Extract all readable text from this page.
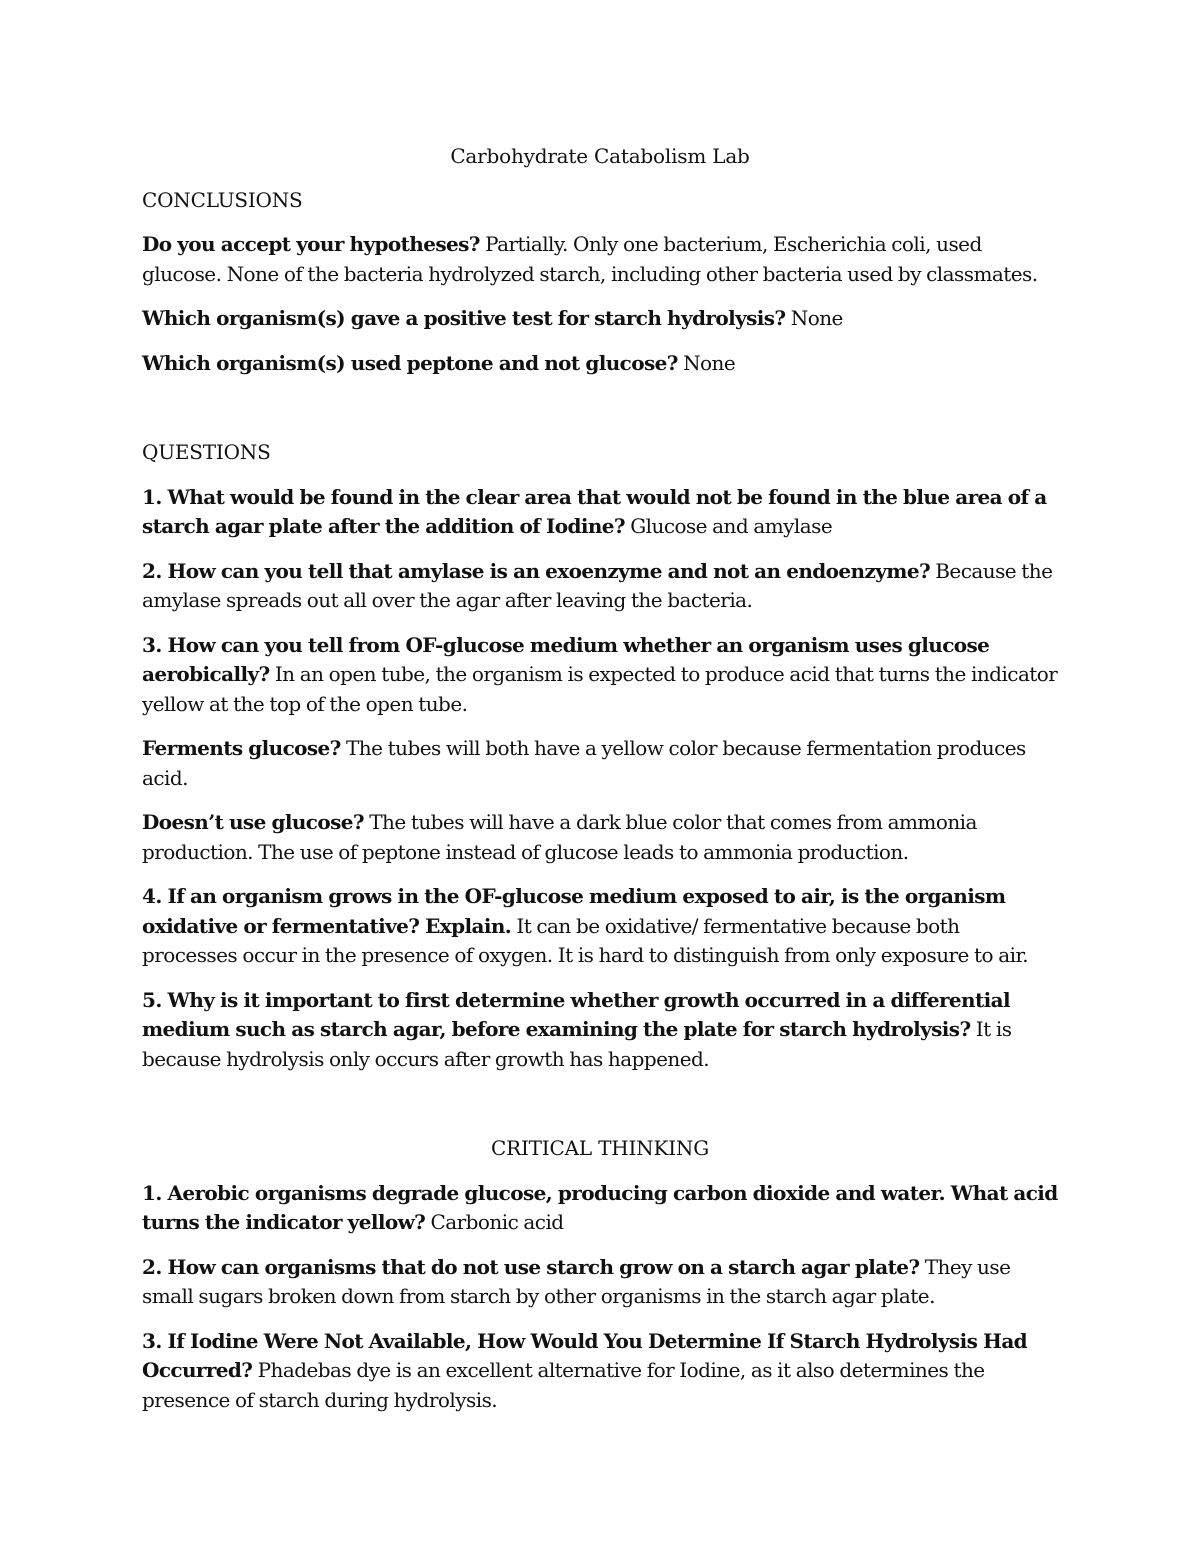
Carbohydrate Catabolism Lab
CONCLUSIONS

Do you accept your hypotheses? Partially. Only one bacterium, Escherichia coli, used glucose. None of the bacteria hydrolyzed starch, including other bacteria used by classmates.

Which organism(s) gave a positive test for starch hydrolysis? None

Which organism(s) used peptone and not glucose? None

QUESTIONS

1. What would be found in the clear area that would not be found in the blue area of a starch agar plate after the addition of Iodine? Glucose and amylase

2. How can you tell that amylase is an exoenzyme and not an endoenzyme? Because the amylase spreads out all over the agar after leaving the bacteria.

3. How can you tell from OF-glucose medium whether an organism uses glucose aerobically? In an open tube, the organism is expected to produce acid that turns the indicator yellow at the top of the open tube.

Ferments glucose? The tubes will both have a yellow color because fermentation produces acid.

Doesn’t use glucose? The tubes will have a dark blue color that comes from ammonia production. The use of peptone instead of glucose leads to ammonia production.

4. If an organism grows in the OF-glucose medium exposed to air, is the organism oxidative or fermentative? Explain. It can be oxidative/ fermentative because both processes occur in the presence of oxygen. It is hard to distinguish from only exposure to air.

5. Why is it important to first determine whether growth occurred in a differential medium such as starch agar, before examining the plate for starch hydrolysis? It is because hydrolysis only occurs after growth has happened.

CRITICAL THINKING

1. Aerobic organisms degrade glucose, producing carbon dioxide and water. What acid turns the indicator yellow? Carbonic acid

2. How can organisms that do not use starch grow on a starch agar plate? They use small sugars broken down from starch by other organisms in the starch agar plate.

3. If Iodine Were Not Available, How Would You Determine If Starch Hydrolysis Had Occurred? Phadebas dye is an excellent alternative for Iodine, as it also determines the presence of starch during hydrolysis.
